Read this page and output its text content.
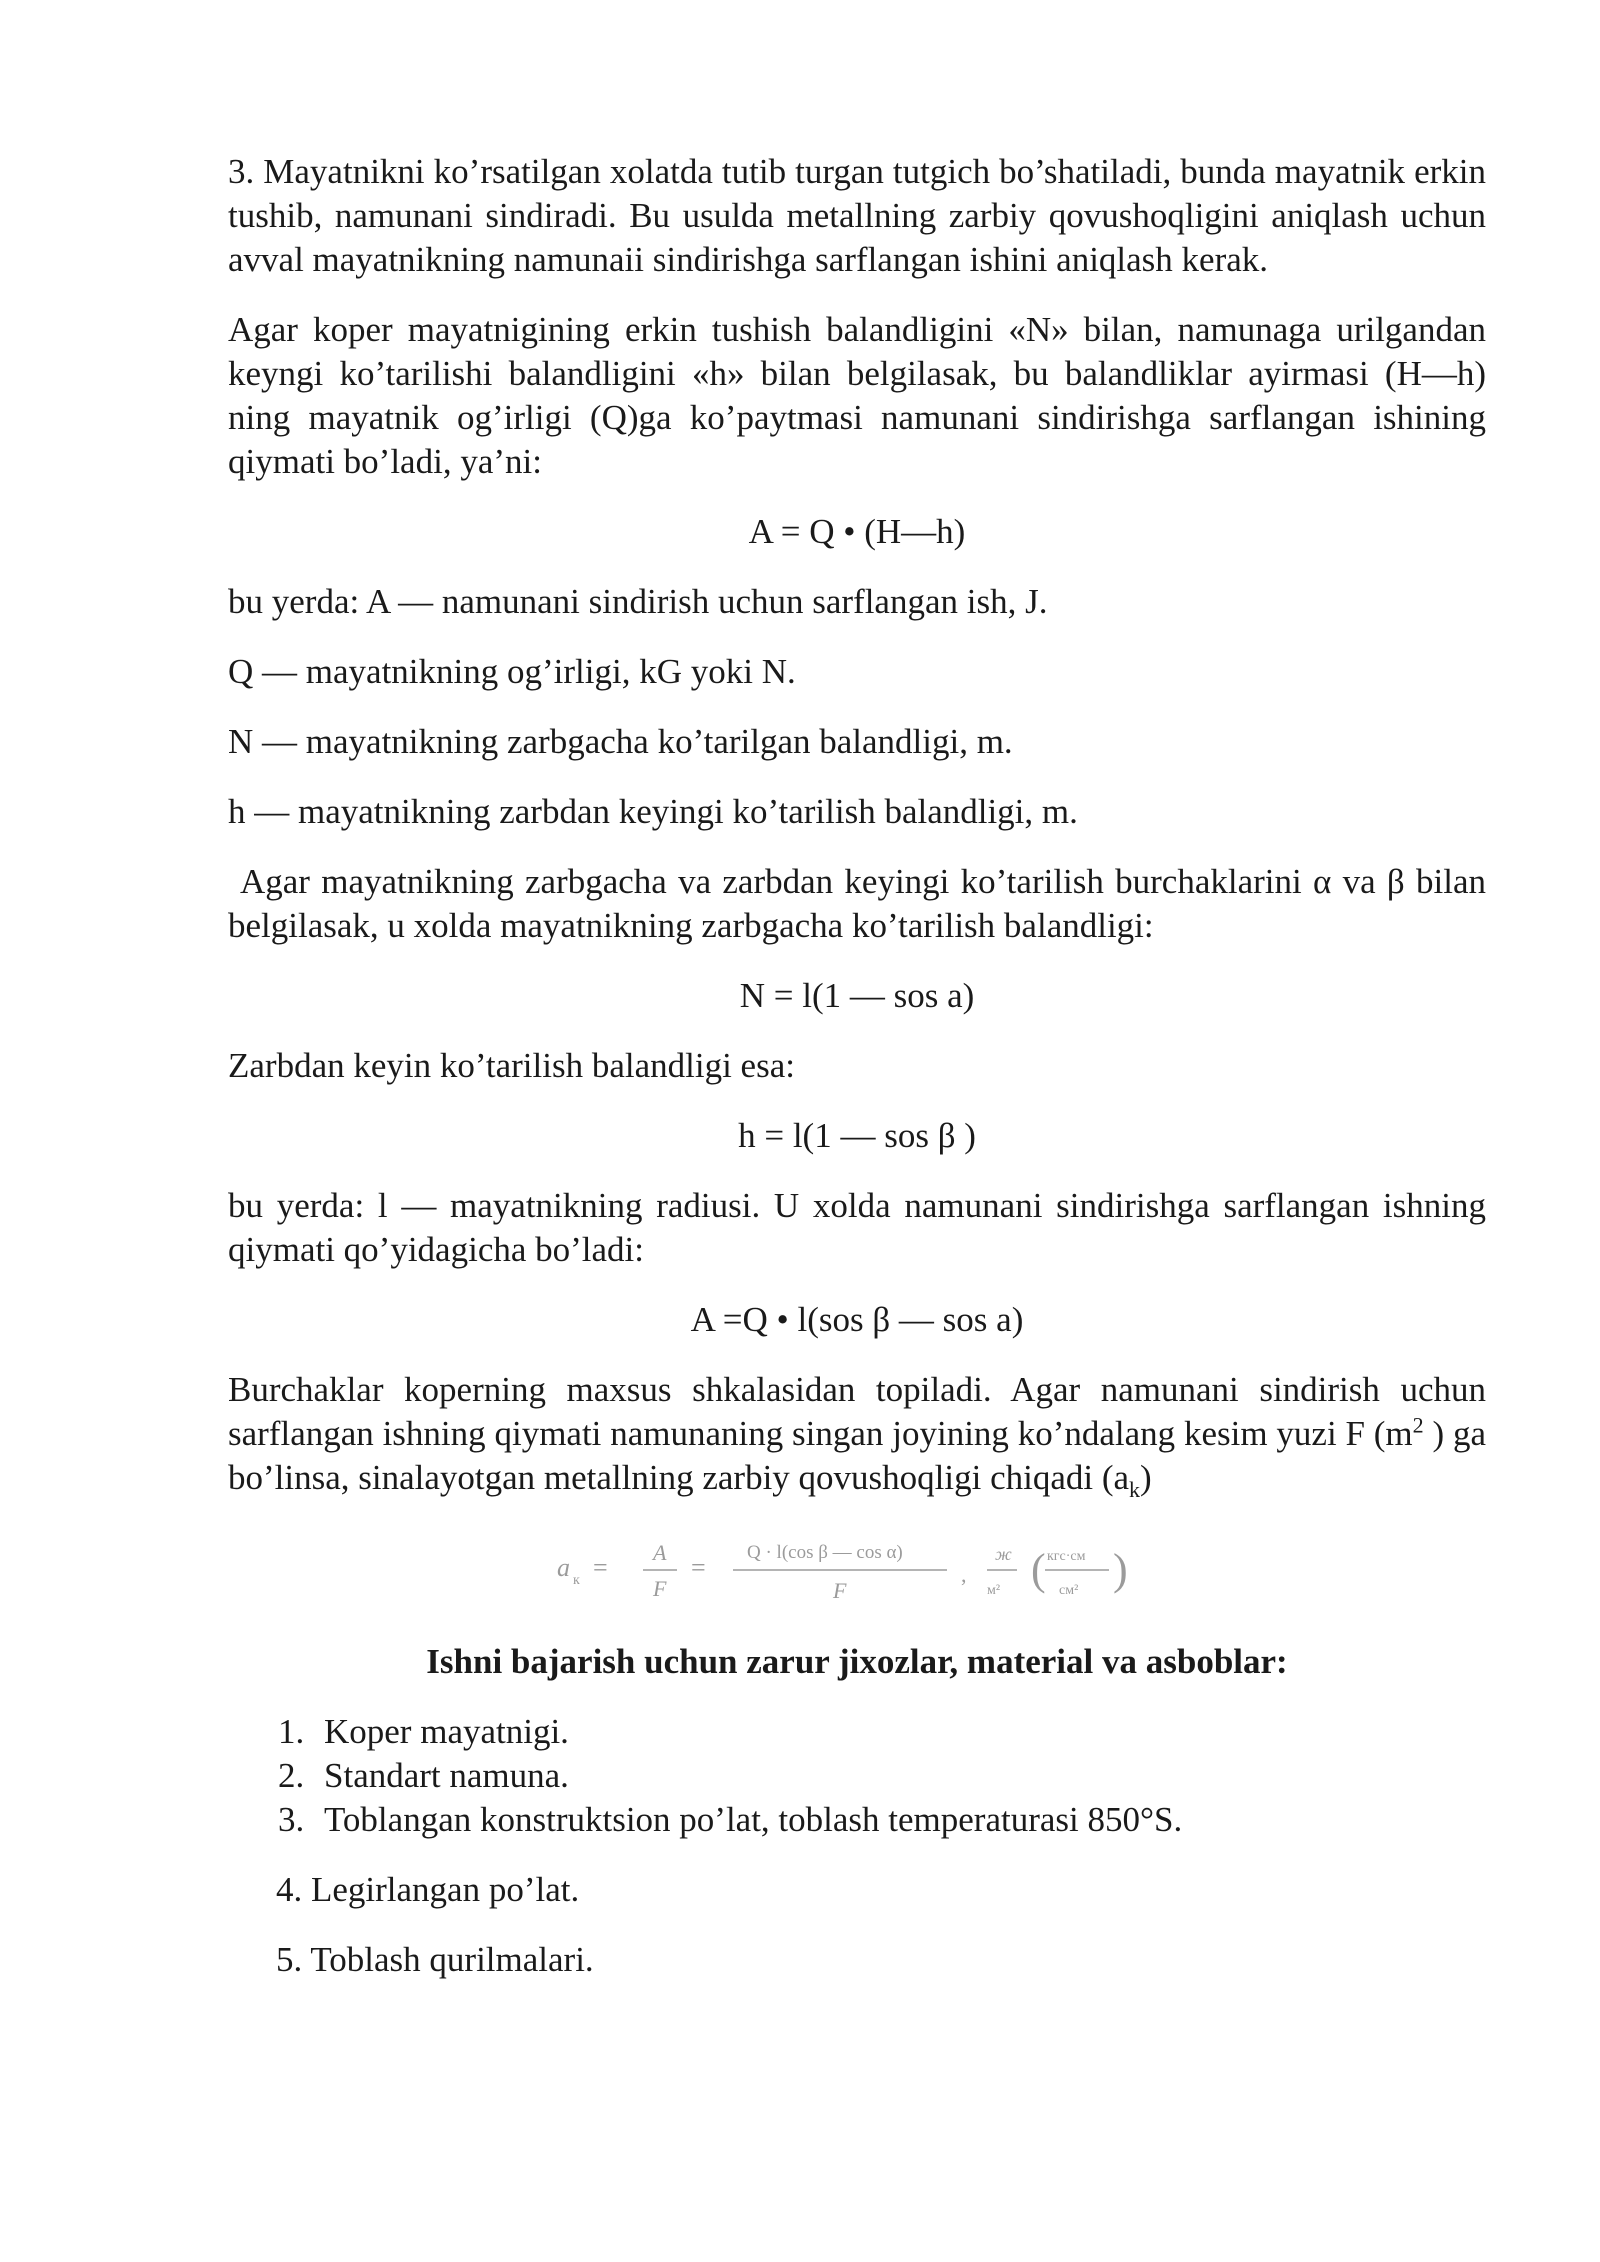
3. Mayatnikni ko’rsatilgan xolatda tutib turgan tutgich bo’shatiladi, bunda mayatnik erkin tushib, namunani sindiradi. Bu usulda metallning zarbiy qovushoqligini aniqlash uchun avval mayatnikning namunaii sindirishga sarflangan ishini aniqlash kerak.

Agar koper mayatnigining erkin tushish balandligini «N» bilan, namunaga urilgandan keyngi ko’tarilishi balandligini «h» bilan belgilasak, bu balandliklar ayirmasi (H—h) ning mayatnik og’irligi (Q)ga ko’paytmasi namunani sindirishga sarflangan ishining qiymati bo’ladi, ya’ni:

A = Q • (H—h)

bu yerda: A — namunani sindirish uchun sarflangan ish, J.

Q — mayatnikning og’irligi, kG yoki N.

N — mayatnikning zarbgacha ko’tarilgan balandligi, m.

h — mayatnikning zarbdan keyingi ko’tarilish balandligi, m.

Agar mayatnikning zarbgacha va zarbdan keyingi ko’tarilish burchaklarini α va β bilan belgilasak, u xolda mayatnikning zarbgacha ko’tarilish balandligi:

N = l(1 — sos a)

Zarbdan keyin ko’tarilish balandligi esa:

h = l(1 — sos β )

bu yerda: l — mayatnikning radiusi. U xolda namunani sindirishga sarflangan ishning qiymati qo’yidagicha bo’ladi:

A =Q • l(sos β — sos a)

Burchaklar koperning maxsus shkalasidan topiladi. Agar namunani sindirish uchun sarflangan ishning qiymati namunaning singan joyining ko’ndalang kesim yuzi F ($m^2$ ) ga bo’linsa, sinalayotgan metallning zarbiy qovushoqligi chiqadi $(a_k)$

a к =
A
F
=
Q · l(cos β — cos α)
F
,
ж
м² ( кгс·см
см² )

Ishni bajarish uchun zarur jixozlar, material va asboblar:

1. Koper mayatnigi.
2. Standart namuna.
3. Toblangan konstruktsion po’lat, toblash temperaturasi 850°S.

4. Legirlangan po’lat.

5. Toblash qurilmalari.
